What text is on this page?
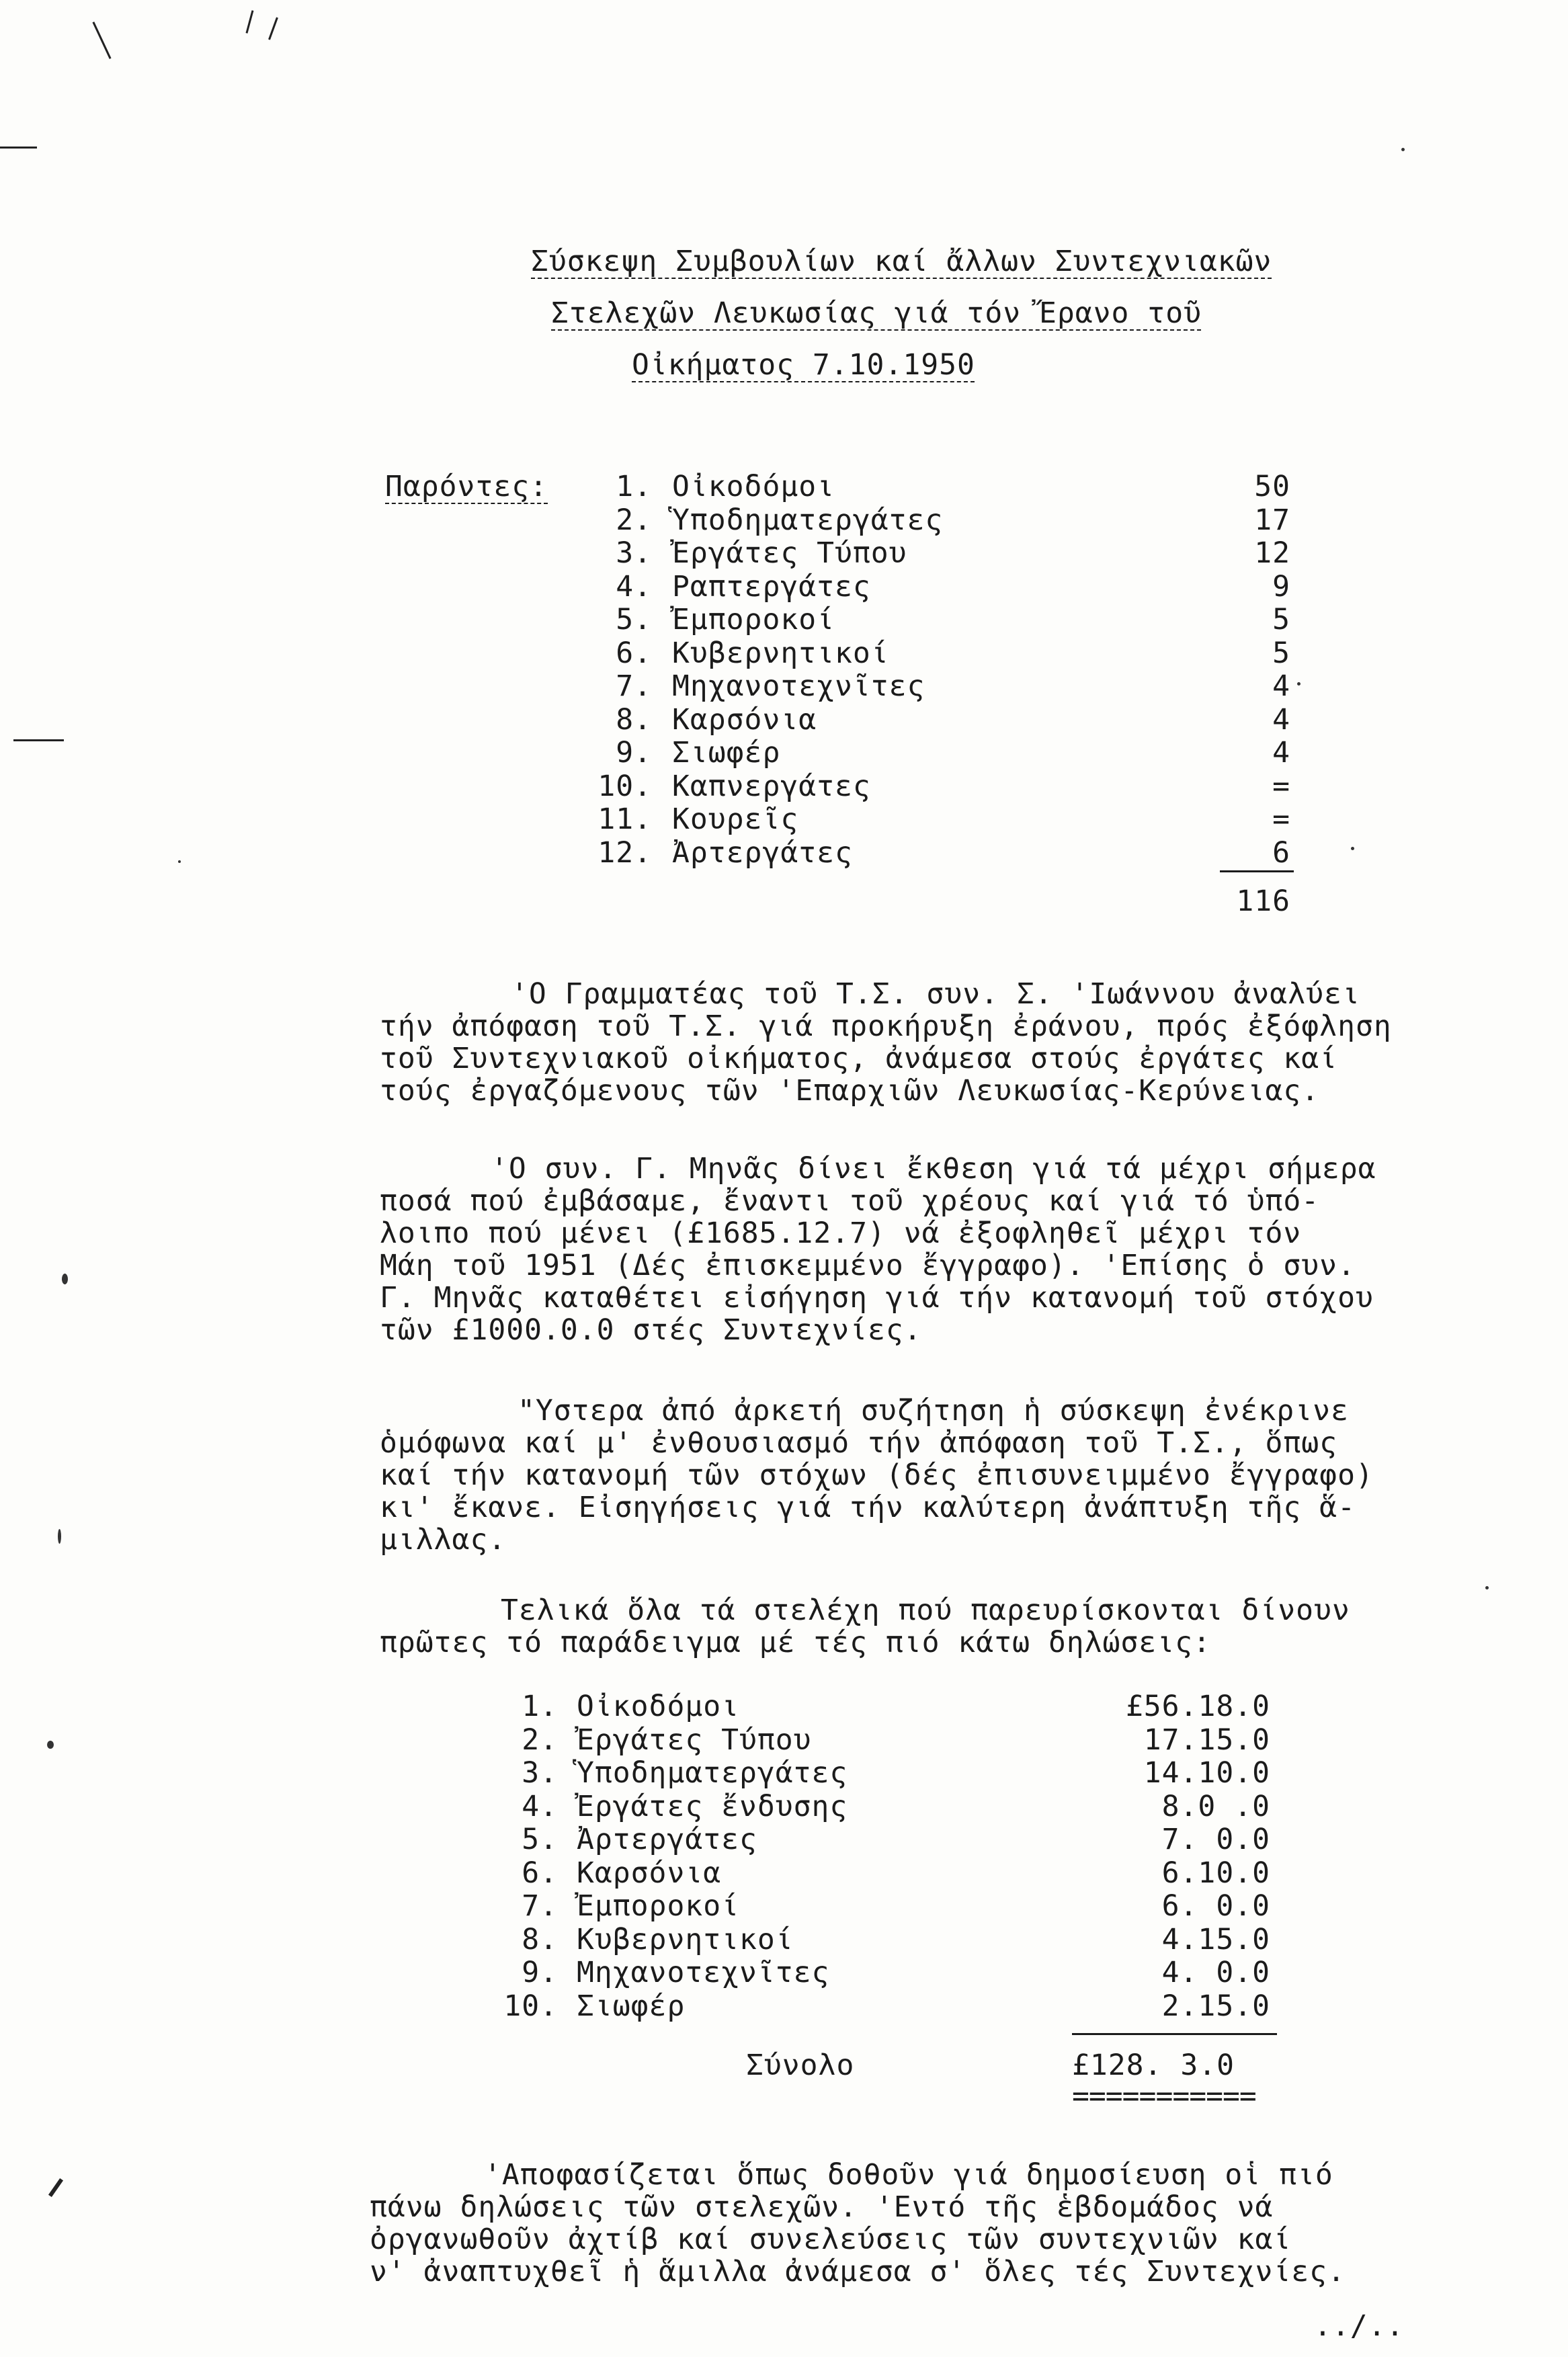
Σύσκεψη Συμβουλίων καί ἄλλων Συντεχνιακῶν
Στελεχῶν Λευκωσίας γιά τόν Ἔρανο τοῦ
Οἰκήματος 7.10.1950
Παρόντες:	1. Οἰκοδόμοι	50
2. Ὑποδηματεργάτες	17
3. Ἐργάτες Τύπου	12
4. Ραπτεργάτες	9
5. Ἐμποροκοί	5
6. Κυβερνητικοί	5
7. Μηχανοτεχνῖτες	4
8. Καρσόνια	4
9. Σιωφέρ	4
10. Καπνεργάτες	=
11. Κουρεῖς	=
12. Ἀρτεργάτες	6
116
'Ο Γραμματέας τοῦ Τ.Σ. συν. Σ. 'Ιωάννου ἀναλύει
τήν ἀπόφαση τοῦ Τ.Σ. γιά προκήρυξη ἐράνου, πρός ἐξόφληση
τοῦ Συντεχνιακοῦ οἰκήματος, ἀνάμεσα στούς ἐργάτες καί
τούς ἐργαζόμενους τῶν 'Επαρχιῶν Λευκωσίας-Κερύνειας.
'Ο συν. Γ. Μηνᾶς δίνει ἔκθεση γιά τά μέχρι σήμερα
ποσά πού ἐμβάσαμε, ἔναντι τοῦ χρέους καί γιά τό ὑπό-
λοιπο πού μένει (£1685.12.7) νά ἐξοφληθεῖ μέχρι τόν
Μάη τοῦ 1951 (Δές ἐπισκεμμένο ἔγγραφο). 'Επίσης ὁ συν.
Γ. Μηνᾶς καταθέτει εἰσήγηση γιά τήν κατανομή τοῦ στόχου
τῶν £1000.0.0 στές Συντεχνίες.
"Υστερα ἀπό ἀρκετή συζήτηση ἡ σύσκεψη ἐνέκρινε
ὁμόφωνα καί μ' ἐνθουσιασμό τήν ἀπόφαση τοῦ Τ.Σ., ὅπως
καί τήν κατανομή τῶν στόχων (δές ἐπισυνειμμένο ἔγγραφο)
κι' ἔκανε. Εἰσηγήσεις γιά τήν καλύτερη ἀνάπτυξη τῆς ἅ-
μιλλας.
Τελικά ὅλα τά στελέχη πού παρευρίσκονται δίνουν
πρῶτες τό παράδειγμα μέ τές πιό κάτω δηλώσεις:
1. Οἰκοδόμοι	£56.18.0
2. Ἐργάτες Τύπου	17.15.0
3. Ὑποδηματεργάτες	14.10.0
4. Ἐργάτες ἔνδυσης	8.0 .0
5. Ἀρτεργάτες	7. 0.0
6. Καρσόνια	6.10.0
7. Ἐμποροκοί	6. 0.0
8. Κυβερνητικοί	4.15.0
9. Μηχανοτεχνῖτες	4. 0.0
10. Σιωφέρ	2.15.0
Σύνολο	£128. 3.0
===========
'Αποφασίζεται ὅπως δοθοῦν γιά δημοσίευση οἱ πιό
πάνω δηλώσεις τῶν στελεχῶν. 'Εντό τῆς ἑβδομάδος νά
ὀργανωθοῦν ἀχτίβ καί συνελεύσεις τῶν συντεχνιῶν καί
ν' ἀναπτυχθεῖ ἡ ἅμιλλα ἀνάμεσα σ' ὅλες τές Συντεχνίες.
../..
